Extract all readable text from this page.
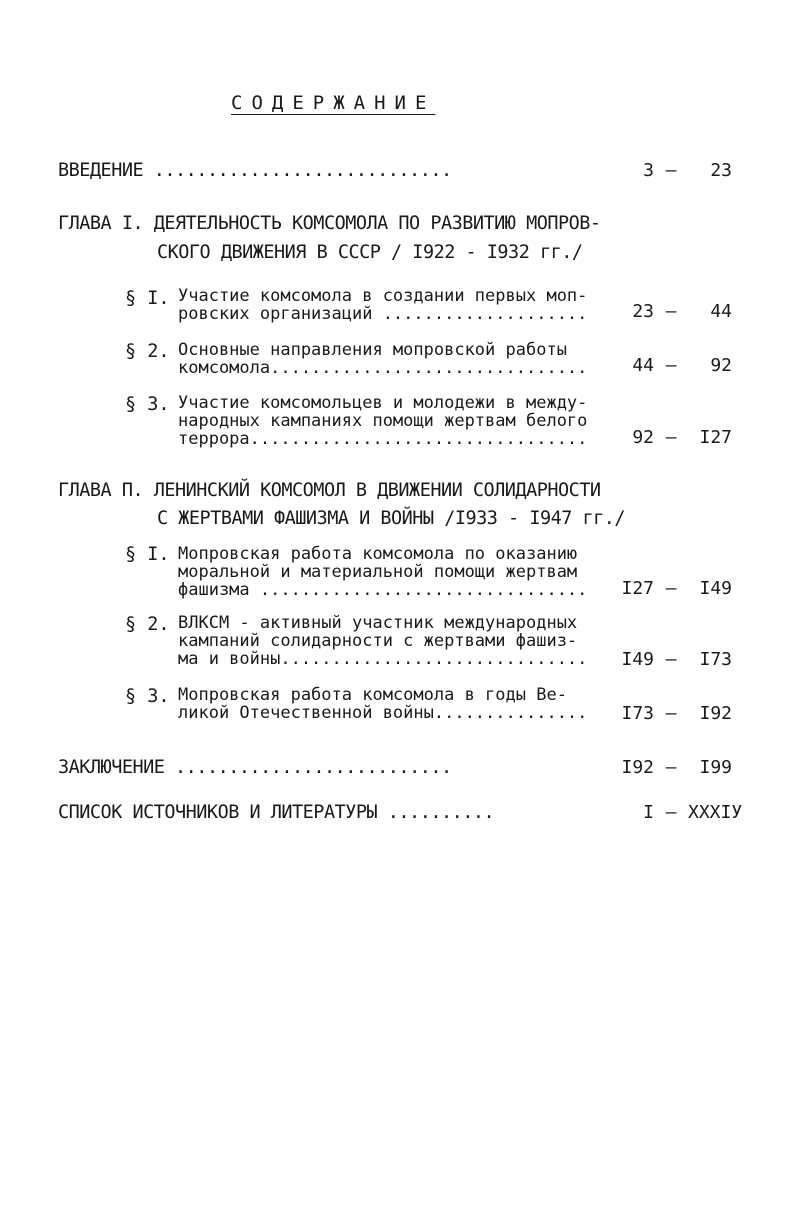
СОДЕРЖАНИЕ
ВВЕДЕНИЕ ............................	3 –	23
ГЛАВА I. ДЕЯТЕЛЬНОСТЬ КОМСОМОЛА ПО РАЗВИТИЮ МОПРОВ-
СКОГО ДВИЖЕНИЯ В СССР / I922 - I932 гг./
§ I. Участие комсомола в создании первых моп-
ровских организаций ....................	23 –	44
§ 2. Основные направления мопровской работы
комсомола...............................	44 –	92
§ 3. Участие комсомольцев и молодежи в между-
народных кампаниях помощи жертвам белого
террора.................................	92 –	I27
ГЛАВА П. ЛЕНИНСКИЙ КОМСОМОЛ В ДВИЖЕНИИ СОЛИДАРНОСТИ
С ЖЕРТВАМИ ФАШИЗМА И ВОЙНЫ /I933 - I947 гг./
§ I. Мопровская работа комсомола по оказанию
моральной и материальной помощи жертвам
фашизма ................................	I27 –	I49
§ 2. ВЛКСМ - активный участник международных
кампаний солидарности с жертвами фашиз-
ма и войны..............................	I49 –	I73
§ 3. Мопровская работа комсомола в годы Ве-
ликой Отечественной войны...............	I73 –	I92
ЗАКЛЮЧЕНИЕ ..........................	I92 –	I99
СПИСОК ИСТОЧНИКОВ И ЛИТЕРАТУРЫ ..........	I – XXXIУ
